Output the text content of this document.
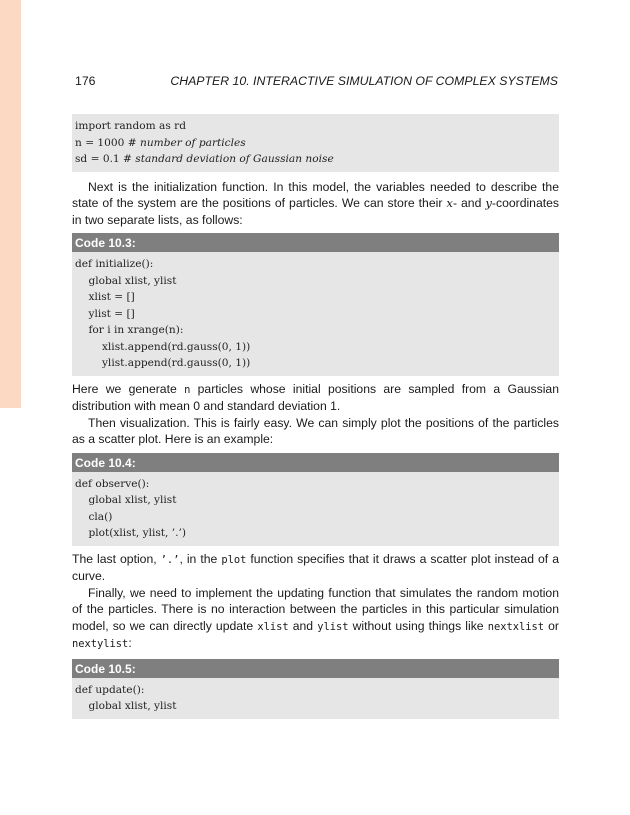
176	CHAPTER 10. INTERACTIVE SIMULATION OF COMPLEX SYSTEMS
import random as rd
n = 1000 # number of particles
sd = 0.1 # standard deviation of Gaussian noise

Next is the initialization function. In this model, the variables needed to describe the state of the system are the positions of particles. We can store their x- and y-coordinates in two separate lists, as follows:

Code 10.3:
def initialize():
global xlist, ylist
xlist = []
ylist = []
for i in xrange(n):
xlist.append(rd.gauss(0, 1))
ylist.append(rd.gauss(0, 1))

Here we generate n particles whose initial positions are sampled from a Gaussian distribution with mean 0 and standard deviation 1.

Then visualization. This is fairly easy. We can simply plot the positions of the particles as a scatter plot. Here is an example:

Code 10.4:
def observe():
global xlist, ylist
cla()
plot(xlist, ylist, ’.’)

The last option, ’.’, in the plot function specifies that it draws a scatter plot instead of a curve.

Finally, we need to implement the updating function that simulates the random motion of the particles. There is no interaction between the particles in this particular simulation model, so we can directly update xlist and ylist without using things like nextxlist or nextylist:

Code 10.5:
def update():
global xlist, ylist
